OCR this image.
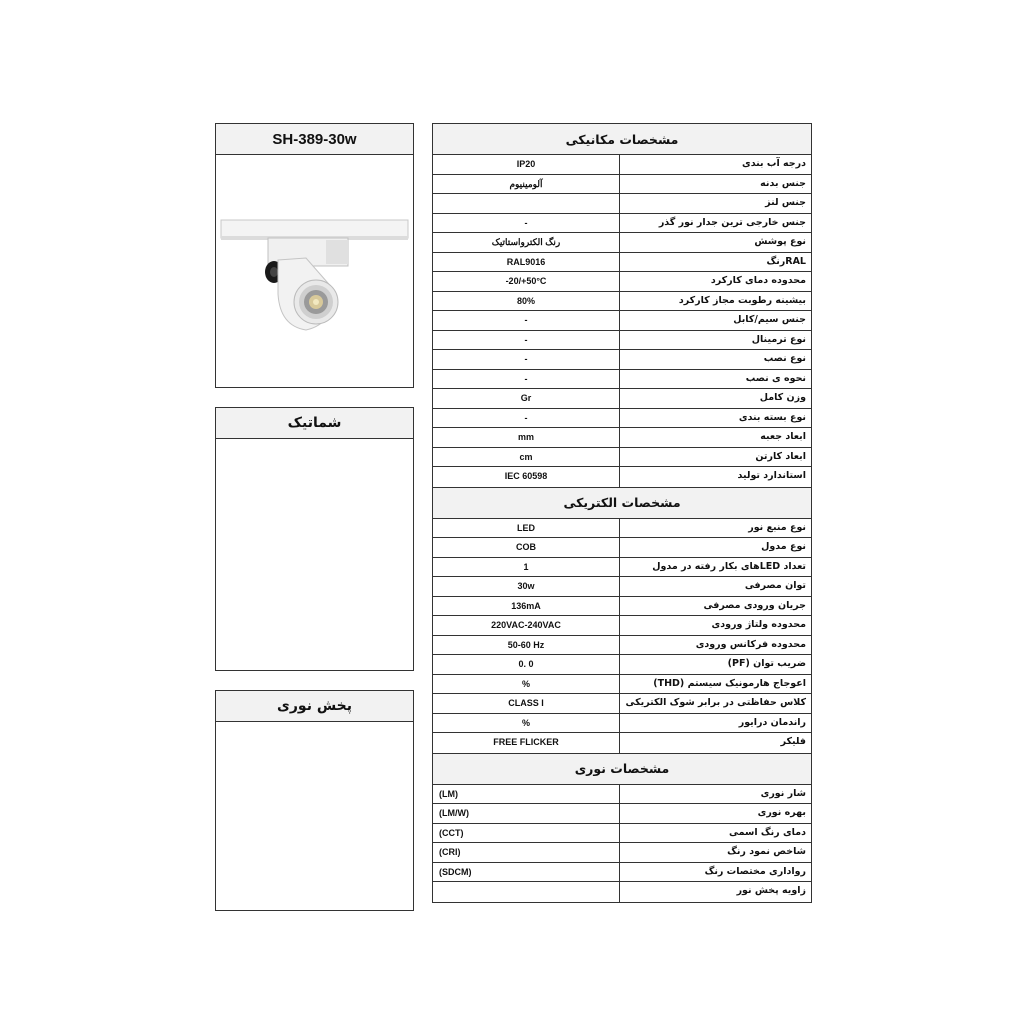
SH-389-30w
شماتیک
پخش نوری
مشخصات مکانیکی
IP20	درجه آب بندی
آلومینیوم	جنس بدنه
جنس لنز
-	جنس خارجی ترین جدار نور گذر
رنگ الکترواستاتیک	نوع پوشش
RAL9016	RALرنگ
-20/+50°C	محدوده دمای کارکرد
80%	بیشینه رطوبت مجاز کارکرد
-	جنس سیم/کابل
-	نوع ترمینال
-	نوع نصب
-	نحوه ی نصب
Gr	وزن کامل
-	نوع بسته بندی
mm	ابعاد جعبه
cm	ابعاد کارتن
IEC 60598	استاندارد تولید
مشخصات الکتریکی
LED	نوع منبع نور
COB	نوع مدول
1	تعداد LEDهای بکار رفته در مدول
30w	توان مصرفی
136mA	جریان ورودی مصرفی
220VAC-240VAC	محدوده ولتاژ ورودی
50-60 Hz	محدوده فرکانس ورودی
0. 0	ضریب توان (PF)
%	اعوجاج هارمونیک سیستم (THD)
CLASS I	کلاس حفاظتی در برابر شوک الکتریکی
%	راندمان درایور
FREE FLICKER	فلیکر
مشخصات نوری
(LM)	شار نوری
(LM/W)	بهره نوری
(CCT)	دمای رنگ اسمی
(CRI)	شاخص نمود رنگ
(SDCM)	رواداری مختصات رنگ
زاویه پخش نور
